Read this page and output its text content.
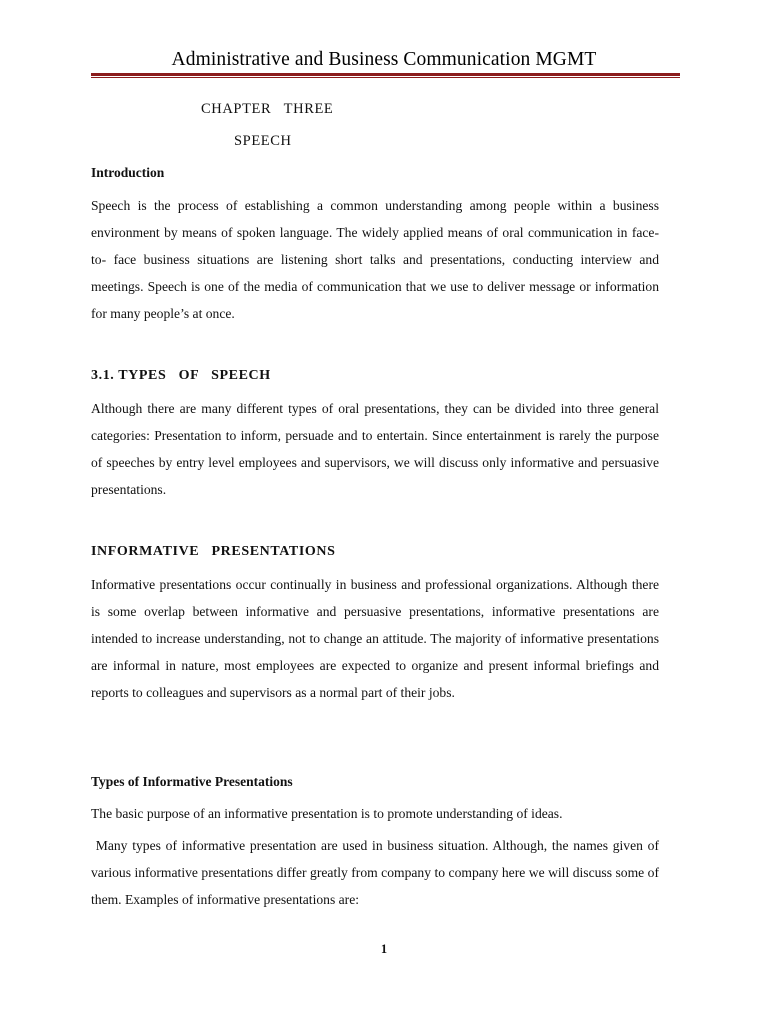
Administrative and Business Communication MGMT
CHAPTER   THREE
SPEECH
Introduction

Speech is the process of establishing a common understanding among people within a business environment by means of spoken language. The widely applied means of oral communication in face- to- face business situations are listening short talks and presentations, conducting interview and meetings. Speech is one of the media of communication that we use to deliver message or information for many people’s at once.

3.1. TYPES   OF   SPEECH

Although there are many different types of oral presentations, they can be divided into three general categories: Presentation to inform, persuade and to entertain. Since entertainment is rarely the purpose of speeches by entry level employees and supervisors, we will discuss only informative and persuasive presentations.

INFORMATIVE   PRESENTATIONS

Informative presentations occur continually in business and professional organizations. Although there is some overlap between informative and persuasive presentations, informative presentations are intended to increase understanding, not to change an attitude. The majority of informative presentations are informal in nature, most employees are expected to organize and present informal briefings and reports to colleagues and supervisors as a normal part of their jobs.

Types of Informative Presentations

The basic purpose of an informative presentation is to promote understanding of ideas.

Many types of informative presentation are used in business situation. Although, the names given of various informative presentations differ greatly from company to company here we will discuss some of them. Examples of informative presentations are:

1
